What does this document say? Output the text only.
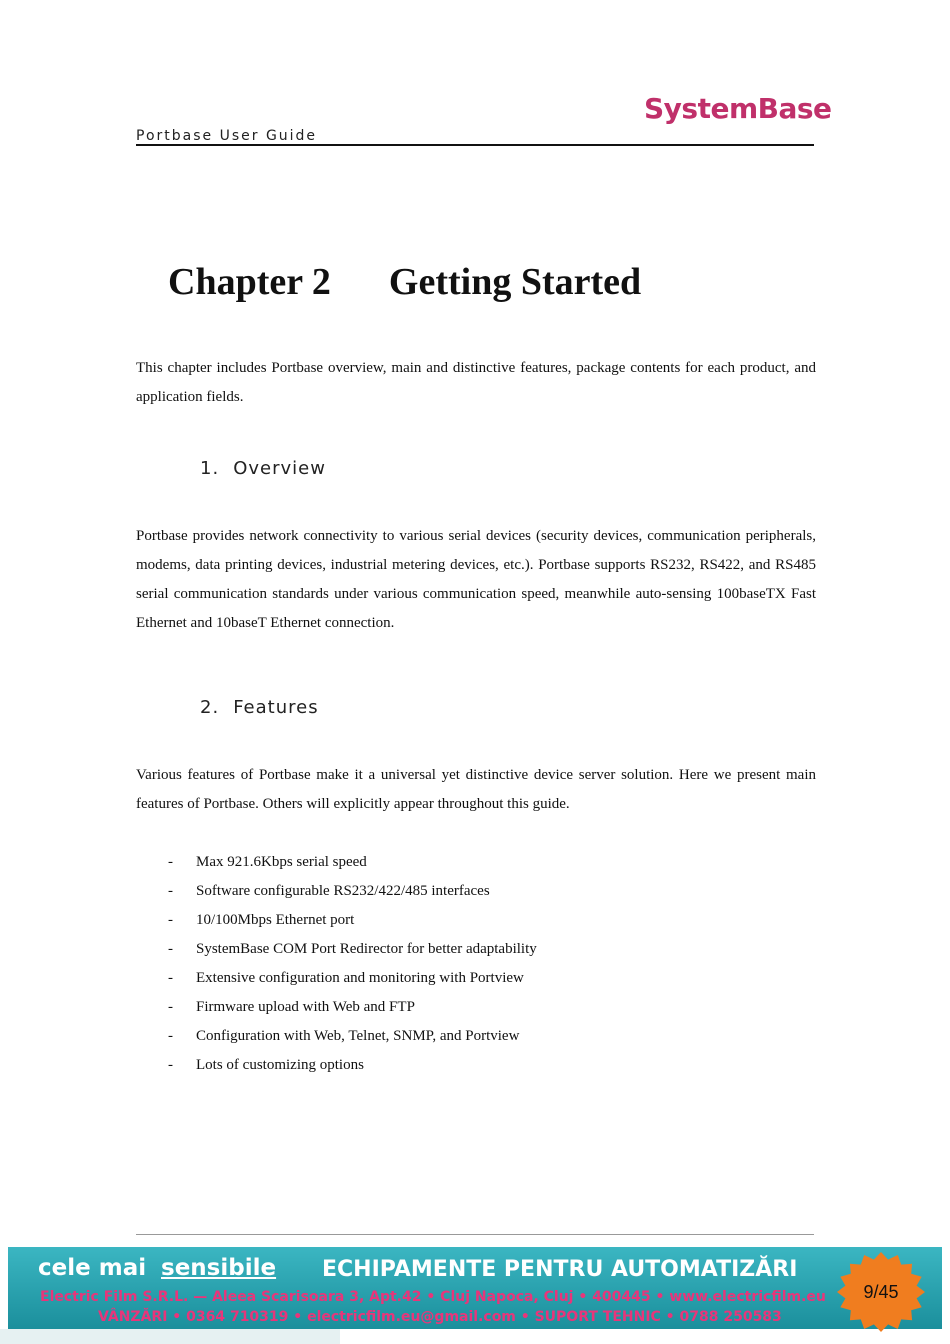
Portbase User Guide
SystemBase
Chapter 2 Getting Started

This chapter includes Portbase overview, main and distinctive features, package contents for each product, and application fields.

1. Overview

Portbase provides network connectivity to various serial devices (security devices, communication peripherals, modems, data printing devices, industrial metering devices, etc.). Portbase supports RS232, RS422, and RS485 serial communication standards under various communication speed, meanwhile auto-sensing 100baseTX Fast Ethernet and 10baseT Ethernet connection.

2. Features

Various features of Portbase make it a universal yet distinctive device server solution. Here we present main features of Portbase. Others will explicitly appear throughout this guide.

-	Max 921.6Kbps serial speed
-	Software configurable RS232/422/485 interfaces
-	10/100Mbps Ethernet port
-	SystemBase COM Port Redirector for better adaptability
-	Extensive configuration and monitoring with Portview
-	Firmware upload with Web and FTP
-	Configuration with Web, Telnet, SNMP, and Portview
-	Lots of customizing options
cele mai sensibile ECHIPAMENTE PENTRU AUTOMATIZĂRI
Electric Film S.R.L. — Aleea Scarisoara 3, Apt.42 • Cluj Napoca, Cluj • 400445 • www.electricfilm.eu
VÂNZĂRI • 0364 710319 • electricfilm.eu@gmail.com • SUPORT TEHNIC • 0788 250583
9/45
